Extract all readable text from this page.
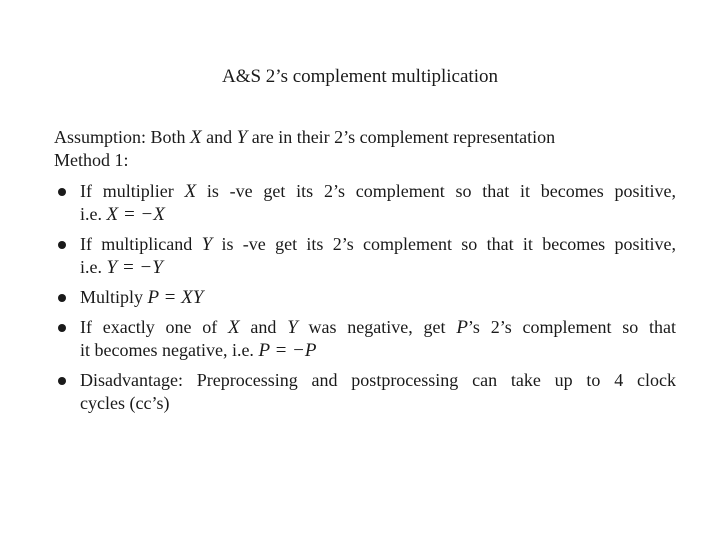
A&S 2’s complement multiplication
Assumption: Both X and Y are in their 2’s complement representation
Method 1:
If multiplier X is -ve get its 2’s complement so that it becomes positive,
i.e. X = −X
If multiplicand Y is -ve get its 2’s complement so that it becomes positive,
i.e. Y = −Y
Multiply P = XY
If exactly one of X and Y was negative, get P’s 2’s complement so that
it becomes negative, i.e. P = −P
Disadvantage: Preprocessing and postprocessing can take up to 4 clock
cycles (cc’s)
